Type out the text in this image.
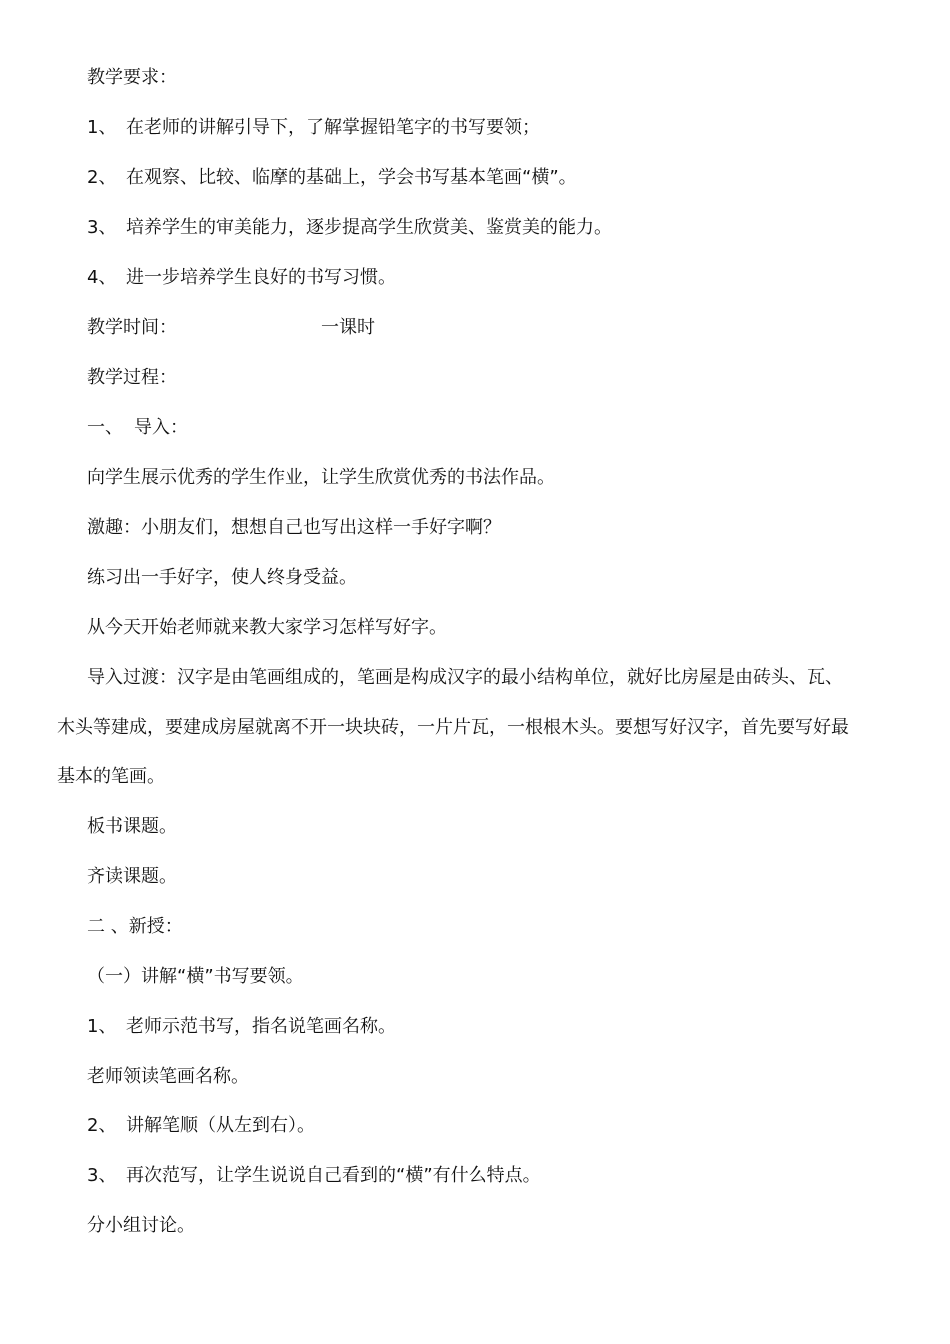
教学要求：
1、 在老师的讲解引导下，了解掌握铅笔字的书写要领；
2、 在观察、比较、临摩的基础上，学会书写基本笔画“横”。
3、 培养学生的审美能力，逐步提高学生欣赏美、鉴赏美的能力。
4、 进一步培养学生良好的书写习惯。
教学时间：	一课时
教学过程：
一、 导入：
向学生展示优秀的学生作业，让学生欣赏优秀的书法作品。
激趣：小朋友们，想想自己也写出这样一手好字啊？
练习出一手好字，使人终身受益。
从今天开始老师就来教大家学习怎样写好字。
导入过渡：汉字是由笔画组成的，笔画是构成汉字的最小结构单位，就好比房屋是由砖头、瓦、
木头等建成，要建成房屋就离不开一块块砖，一片片瓦，一根根木头。要想写好汉字，首先要写好最
基本的笔画。
板书课题。
齐读课题。
二 、新授：
（一）讲解“横”书写要领。
1、 老师示范书写，指名说笔画名称。
老师领读笔画名称。
2、 讲解笔顺（从左到右）。
3、 再次范写，让学生说说自己看到的“横”有什么特点。
分小组讨论。
